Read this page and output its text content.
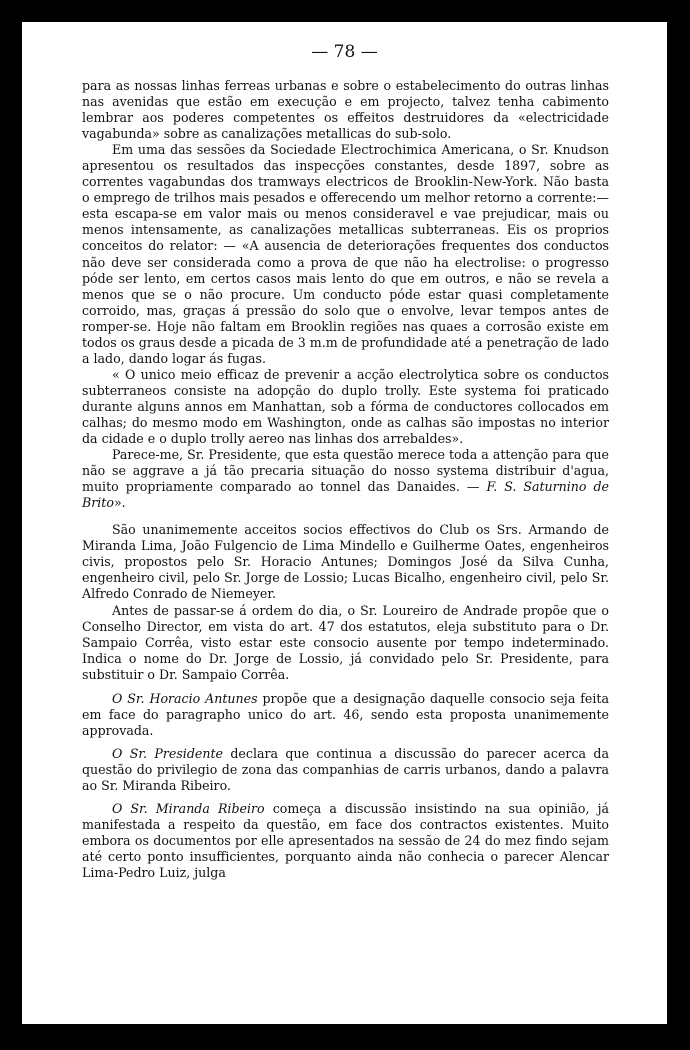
— 78 —

para as nossas linhas ferreas urbanas e sobre o estabelecimento do outras linhas nas avenidas que estão em execução e em projecto, talvez tenha cabimento lembrar aos poderes competentes os effeitos destruidores da «electricidade vagabunda» sobre as canalizações metallicas do sub-solo.

Em uma das sessões da Sociedade Electrochimica Americana, o Sr. Knudson apresentou os resultados das inspecções constantes, desde 1897, sobre as correntes vagabundas dos tramways electricos de Brooklin-New-York. Não basta o emprego de trilhos mais pesados e offerecendo um melhor retorno a corrente:—esta escapa-se em valor mais ou menos consideravel e vae prejudicar, mais ou menos intensamente, as canalizações metallicas subterraneas. Eis os proprios conceitos do relator: — «A ausencia de deteriorações frequentes dos conductos não deve ser considerada como a prova de que não ha electrolise: o progresso póde ser lento, em certos casos mais lento do que em outros, e não se revela a menos que se o não procure. Um conducto póde estar quasi completamente corroido, mas, graças á pressão do solo que o envolve, levar tempos antes de romper-se. Hoje não faltam em Brooklin regiões nas quaes a corrosão existe em todos os graus desde a picada de 3 m.m de profundidade até a penetração de lado a lado, dando logar ás fugas.

« O unico meio efficaz de prevenir a acção electrolytica sobre os conductos subterraneos consiste na adopção do duplo trolly. Este systema foi praticado durante alguns annos em Manhattan, sob a fórma de conductores collocados em calhas; do mesmo modo em Washington, onde as calhas são impostas no interior da cidade e o duplo trolly aereo nas linhas dos arrebaldes».

Parece-me, Sr. Presidente, que esta questão merece toda a attenção para que não se aggrave a já tão precaria situação do nosso systema distribuir d'agua, muito propriamente comparado ao tonnel das Danaides. — F. S. Saturnino de Brito».

São unanimemente acceitos socios effectivos do Club os Srs. Armando de Miranda Lima, João Fulgencio de Lima Mindello e Guilherme Oates, engenheiros civis, propostos pelo Sr. Horacio Antunes; Domingos José da Silva Cunha, engenheiro civil, pelo Sr. Jorge de Lossio; Lucas Bicalho, engenheiro civil, pelo Sr. Alfredo Conrado de Niemeyer.

Antes de passar-se á ordem do dia, o Sr. Loureiro de Andrade propõe que o Conselho Director, em vista do art. 47 dos estatutos, eleja substituto para o Dr. Sampaio Corrêa, visto estar este consocio ausente por tempo indeterminado. Indica o nome do Dr. Jorge de Lossio, já convidado pelo Sr. Presidente, para substituir o Dr. Sampaio Corrêa.

O Sr. Horacio Antunes propõe que a designação daquelle consocio seja feita em face do paragrapho unico do art. 46, sendo esta proposta unanimemente approvada.

O Sr. Presidente declara que continua a discussão do parecer acerca da questão do privilegio de zona das companhias de carris urbanos, dando a palavra ao Sr. Miranda Ribeiro.

O Sr. Miranda Ribeiro começa a discussão insistindo na sua opinião, já manifestada a respeito da questão, em face dos contractos existentes. Muito embora os documentos por elle apresentados na sessão de 24 do mez findo sejam até certo ponto insufficientes, porquanto ainda não conhecia o parecer Alencar Lima-Pedro Luiz, julga
